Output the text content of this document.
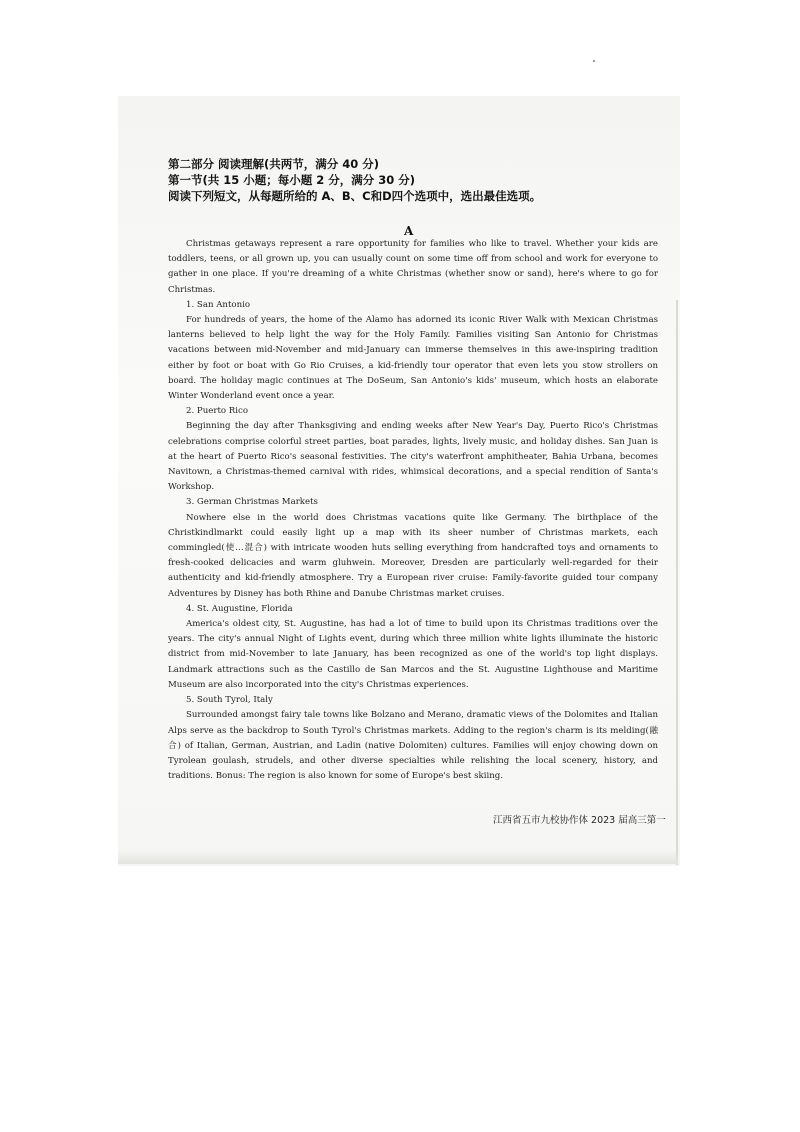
第二部分 阅读理解(共两节，满分 40 分)
第一节(共 15 小题；每小题 2 分，满分 30 分)
阅读下列短文，从每题所给的 A、B、C和D四个选项中，选出最佳选项。
A

Christmas getaways represent a rare opportunity for families who like to travel. Whether your kids are toddlers, teens, or all grown up, you can usually count on some time off from school and work for everyone to gather in one place. If you're dreaming of a white Christmas (whether snow or sand), here's where to go for Christmas.

1. San Antonio

For hundreds of years, the home of the Alamo has adorned its iconic River Walk with Mexican Christmas lanterns believed to help light the way for the Holy Family. Families visiting San Antonio for Christmas vacations between mid-November and mid-January can immerse themselves in this awe-inspiring tradition either by foot or boat with Go Rio Cruises, a kid-friendly tour operator that even lets you stow strollers on board. The holiday magic continues at The DoSeum, San Antonio's kids' museum, which hosts an elaborate Winter Wonderland event once a year.

2. Puerto Rico

Beginning the day after Thanksgiving and ending weeks after New Year's Day, Puerto Rico's Christmas celebrations comprise colorful street parties, boat parades, lights, lively music, and holiday dishes. San Juan is at the heart of Puerto Rico's seasonal festivities. The city's waterfront amphitheater, Bahia Urbana, becomes Navitown, a Christmas-themed carnival with rides, whimsical decorations, and a special rendition of Santa's Workshop.

3. German Christmas Markets

Nowhere else in the world does Christmas vacations quite like Germany. The birthplace of the Christkindlmarkt could easily light up a map with its sheer number of Christmas markets, each commingled(使…混合) with intricate wooden huts selling everything from handcrafted toys and ornaments to fresh-cooked delicacies and warm gluhwein. Moreover, Dresden are particularly well-regarded for their authenticity and kid-friendly atmosphere. Try a European river cruise: Family-favorite guided tour company Adventures by Disney has both Rhine and Danube Christmas market cruises.

4. St. Augustine, Florida

America's oldest city, St. Augustine, has had a lot of time to build upon its Christmas traditions over the years. The city's annual Night of Lights event, during which three million white lights illuminate the historic district from mid-November to late January, has been recognized as one of the world's top light displays. Landmark attractions such as the Castillo de San Marcos and the St. Augustine Lighthouse and Maritime Museum are also incorporated into the city's Christmas experiences.

5. South Tyrol, Italy

Surrounded amongst fairy tale towns like Bolzano and Merano, dramatic views of the Dolomites and Italian Alps serve as the backdrop to South Tyrol's Christmas markets. Adding to the region's charm is its melding(融合) of Italian, German, Austrian, and Ladin (native Dolomiten) cultures. Families will enjoy chowing down on Tyrolean goulash, strudels, and other diverse specialties while relishing the local scenery, history, and traditions. Bonus: The region is also known for some of Europe's best skiing.

江西省五市九校协作体 2023 届高三第一
